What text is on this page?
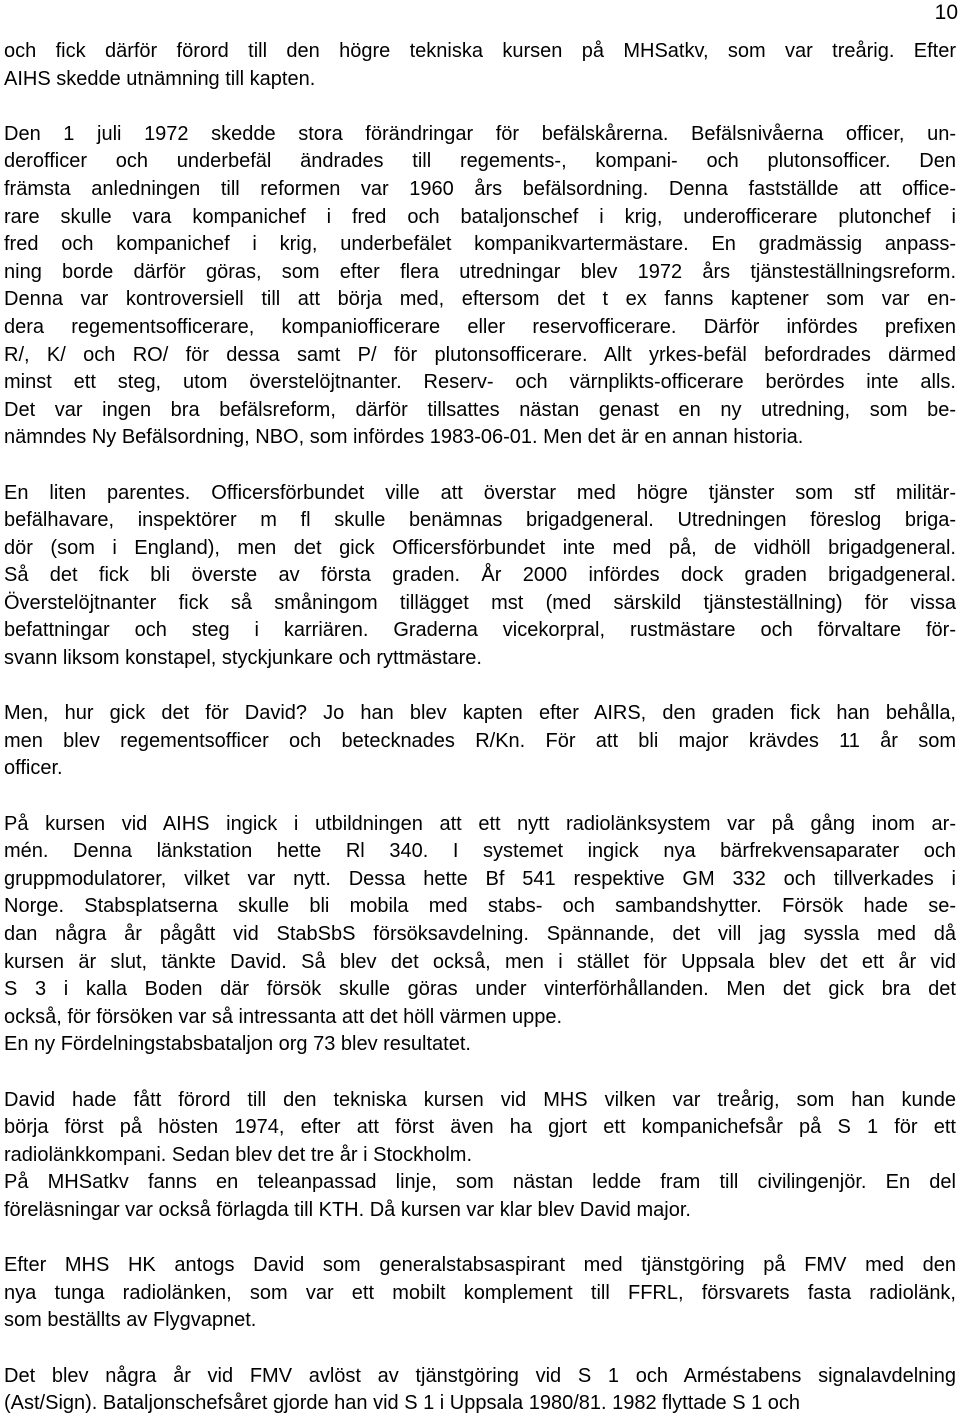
10
och fick därför förord till den högre tekniska kursen på MHSatkv, som var treårig. Efter
AIHS skedde utnämning till kapten.
Den 1 juli 1972 skedde stora förändringar för befälskårerna. Befälsnivåerna officer, un-
derofficer och underbefäl ändrades till regements-, kompani- och plutonsofficer. Den
främsta anledningen till reformen var 1960 års befälsordning. Denna fastställde att office-
rare skulle vara kompanichef i fred och bataljonschef i krig, underofficerare plutonchef i
fred och kompanichef i krig, underbefälet kompanikvartermästare. En gradmässig anpass-
ning borde därför göras, som efter flera utredningar blev 1972 års tjänsteställningsreform.
Denna var kontroversiell till att börja med, eftersom det t ex fanns kaptener som var en-
dera regementsofficerare, kompaniofficerare eller reservofficerare. Därför infördes prefixen
R/, K/ och RO/ för dessa samt P/ för plutonsofficerare. Allt yrkes-befäl befordrades därmed
minst ett steg, utom överstelöjtnanter. Reserv- och värnplikts-officerare berördes inte alls.
Det var ingen bra befälsreform, därför tillsattes nästan genast en ny utredning, som be-
nämndes Ny Befälsordning, NBO, som infördes 1983-06-01. Men det är en annan historia.
En liten parentes. Officersförbundet ville att överstar med högre tjänster som stf militär-
befälhavare, inspektörer m fl skulle benämnas brigadgeneral. Utredningen föreslog briga-
dör (som i England), men det gick Officersförbundet inte med på, de vidhöll brigadgeneral.
Så det fick bli överste av första graden. År 2000 infördes dock graden brigadgeneral.
Överstelöjtnanter fick så småningom tillägget mst (med särskild tjänsteställning) för vissa
befattningar och steg i karriären. Graderna vicekorpral, rustmästare och förvaltare för-
svann liksom konstapel, styckjunkare och ryttmästare.
Men, hur gick det för David? Jo han blev kapten efter AIRS, den graden fick han behålla,
men blev regementsofficer och betecknades R/Kn. För att bli major krävdes 11 år som
officer.
På kursen vid AIHS ingick i utbildningen att ett nytt radiolänksystem var på gång inom ar-
mén. Denna länkstation hette Rl 340. I systemet ingick nya bärfrekvensaparater och
gruppmodulatorer, vilket var nytt. Dessa hette Bf 541 respektive GM 332 och tillverkades i
Norge. Stabsplatserna skulle bli mobila med stabs- och sambandshytter. Försök hade se-
dan några år pågått vid StabSbS försöksavdelning. Spännande, det vill jag syssla med då
kursen är slut, tänkte David. Så blev det också, men i stället för Uppsala blev det ett år vid
S 3 i kalla Boden där försök skulle göras under vinterförhållanden. Men det gick bra det
också, för försöken var så intressanta att det höll värmen uppe.
En ny Fördelningstabsbataljon org 73 blev resultatet.
David hade fått förord till den tekniska kursen vid MHS vilken var treårig, som han kunde
börja först på hösten 1974, efter att först även ha gjort ett kompanichefsår på S 1 för ett
radiolänkkompani. Sedan blev det tre år i Stockholm.
På MHSatkv fanns en teleanpassad linje, som nästan ledde fram till civilingenjör. En del
föreläsningar var också förlagda till KTH. Då kursen var klar blev David major.
Efter MHS HK antogs David som generalstabsaspirant med tjänstgöring på FMV med den
nya tunga radiolänken, som var ett mobilt komplement till FFRL, försvarets fasta radiolänk,
som beställts av Flygvapnet.
Det blev några år vid FMV avlöst av tjänstgöring vid S 1 och Arméstabens signalavdelning
(Ast/Sign). Bataljonschefsåret gjorde han vid S 1 i Uppsala 1980/81. 1982 flyttade S 1 och
